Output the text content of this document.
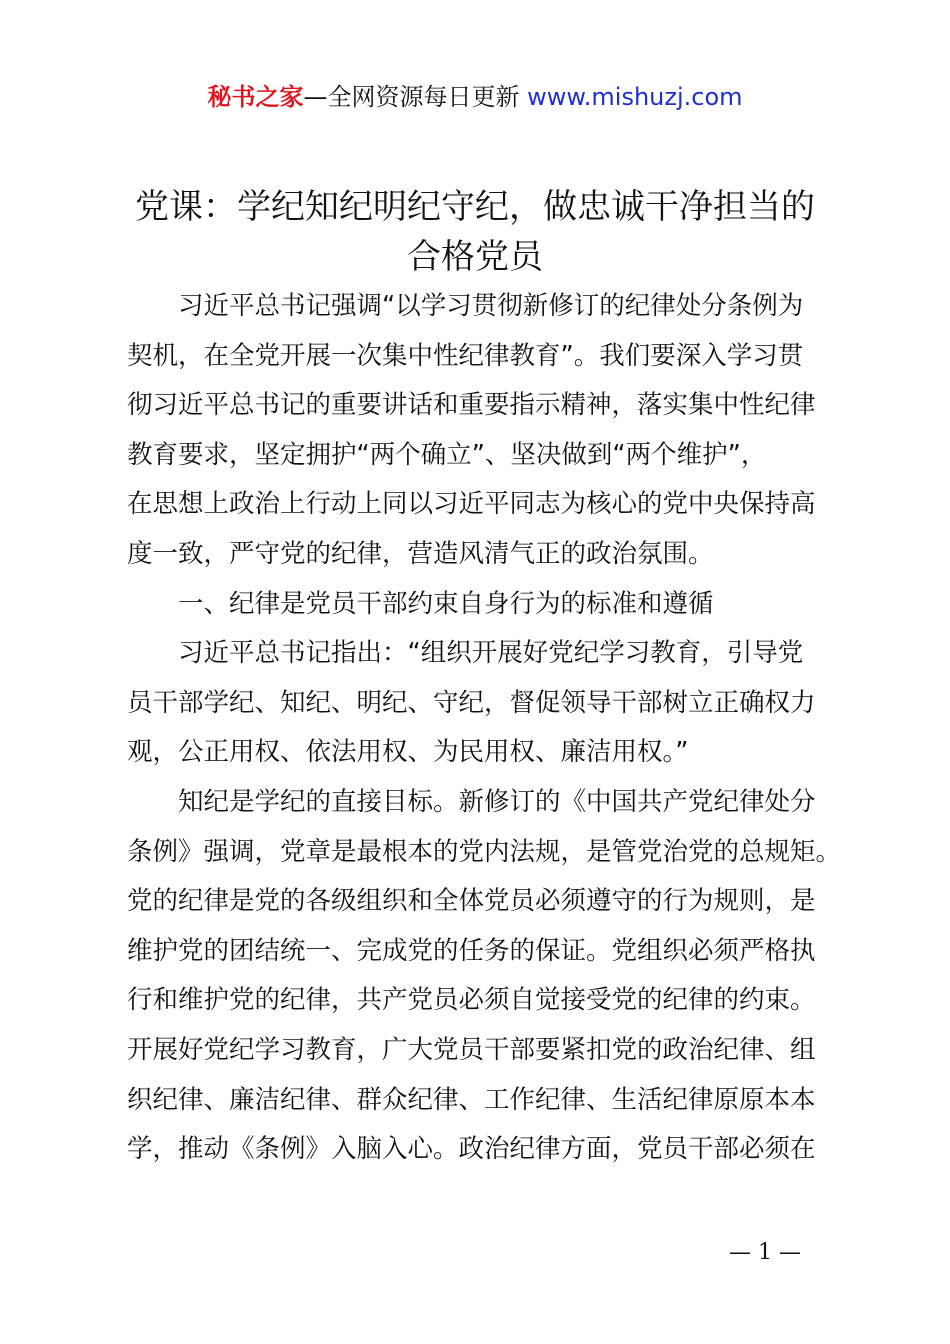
秘书之家—全网资源每日更新 www.mishuzj.com
党课：学纪知纪明纪守纪，做忠诚干净担当的
合格党员

习近平总书记强调“以学习贯彻新修订的纪律处分条例为
契机，在全党开展一次集中性纪律教育”。我们要深入学习贯
彻习近平总书记的重要讲话和重要指示精神，落实集中性纪律
教育要求，坚定拥护“两个确立”、坚决做到“两个维护”，
在思想上政治上行动上同以习近平同志为核心的党中央保持高
度一致，严守党的纪律，营造风清气正的政治氛围。

一、纪律是党员干部约束自身行为的标准和遵循

习近平总书记指出：“组织开展好党纪学习教育，引导党
员干部学纪、知纪、明纪、守纪，督促领导干部树立正确权力
观，公正用权、依法用权、为民用权、廉洁用权。”

知纪是学纪的直接目标。新修订的《中国共产党纪律处分
条例》强调，党章是最根本的党内法规，是管党治党的总规矩。
党的纪律是党的各级组织和全体党员必须遵守的行为规则，是
维护党的团结统一、完成党的任务的保证。党组织必须严格执
行和维护党的纪律，共产党员必须自觉接受党的纪律的约束。
开展好党纪学习教育，广大党员干部要紧扣党的政治纪律、组
织纪律、廉洁纪律、群众纪律、工作纪律、生活纪律原原本本
学，推动《条例》入脑入心。政治纪律方面，党员干部必须在

— 1 —
